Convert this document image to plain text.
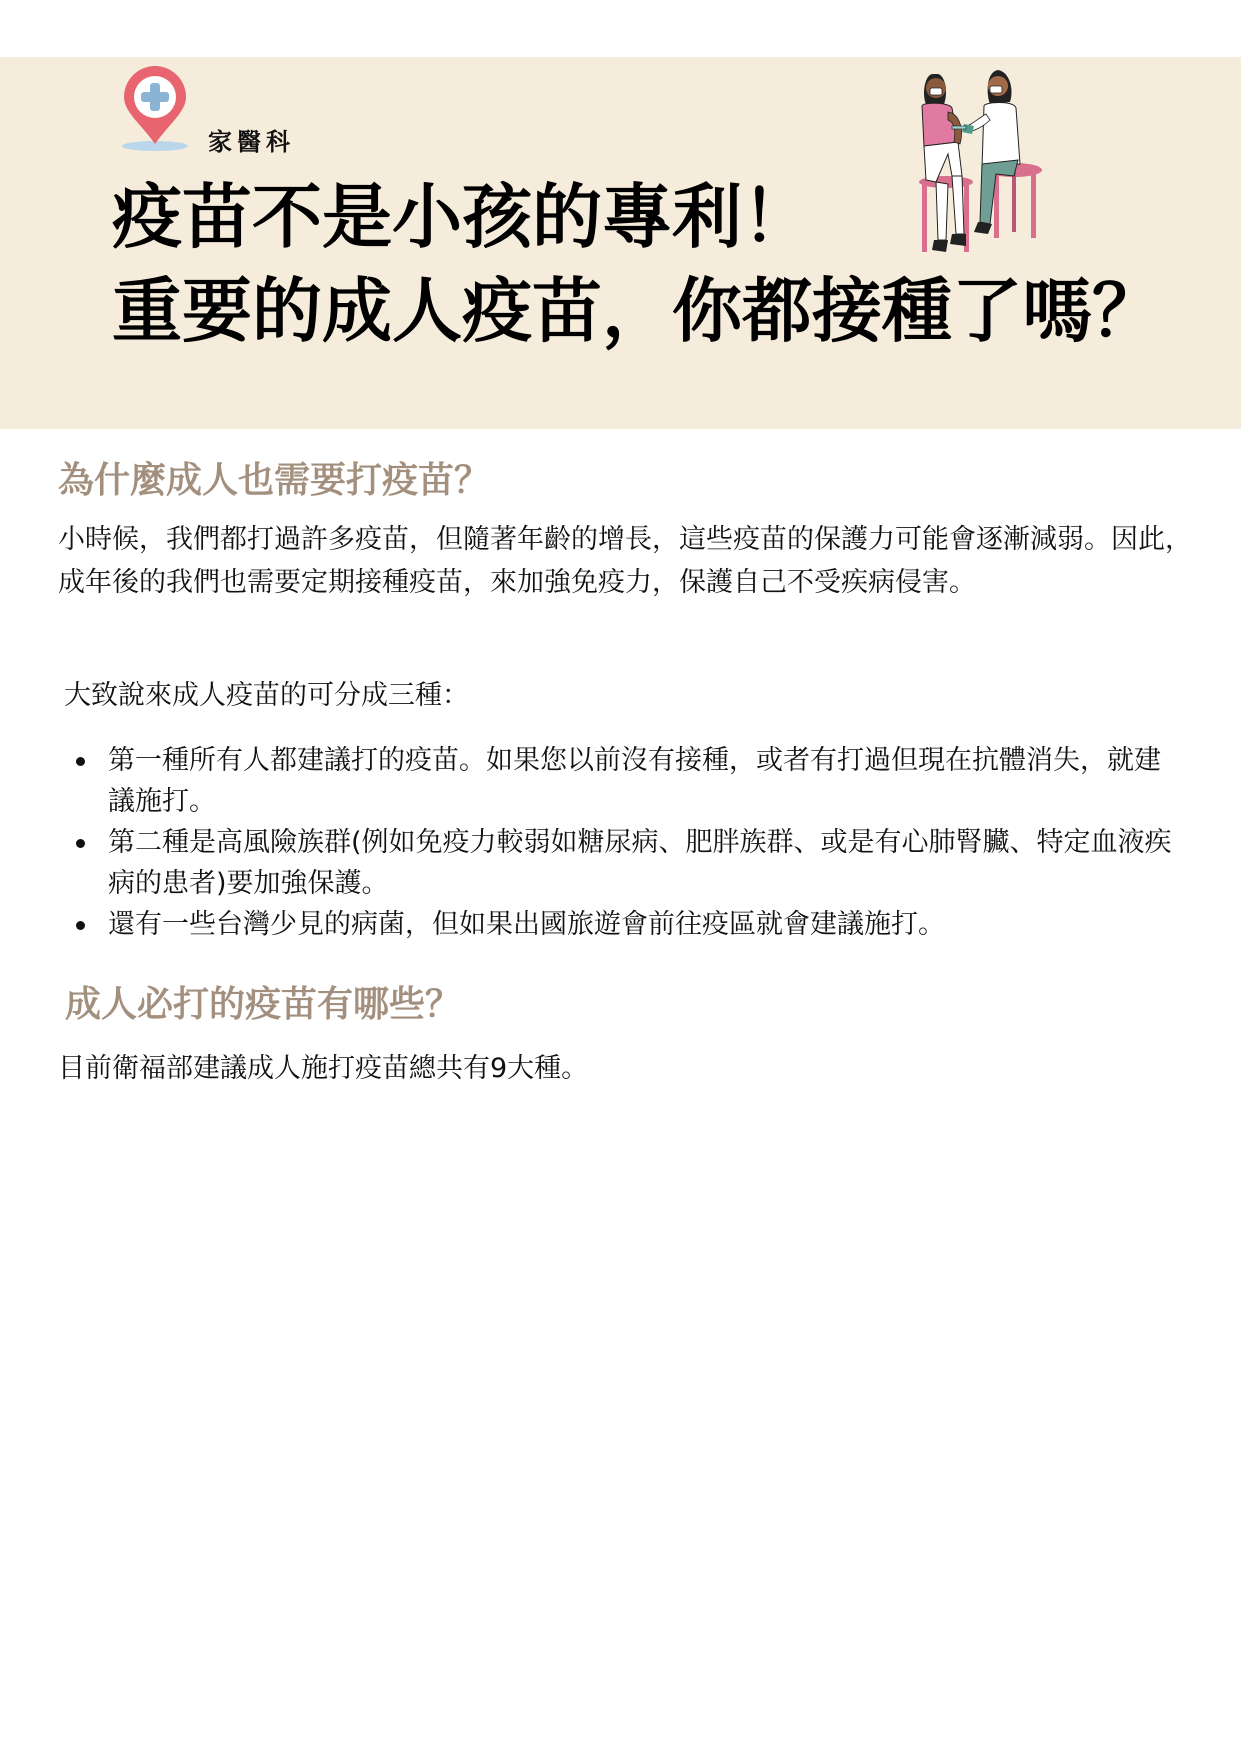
家醫科
疫苗不是小孩的專利！
重要的成人疫苗，你都接種了嗎？
為什麼成人也需要打疫苗？

小時候，我們都打過許多疫苗，但隨著年齡的增長，這些疫苗的保護力可能會逐漸減弱。因此，成年後的我們也需要定期接種疫苗，來加強免疫力，保護自己不受疾病侵害。

大致說來成人疫苗的可分成三種：

第一種所有人都建議打的疫苗。如果您以前沒有接種，或者有打過但現在抗體消失，就建議施打。
第二種是高風險族群(例如免疫力較弱如糖尿病、肥胖族群、或是有心肺腎臟、特定血液疾病的患者)要加強保護。
還有一些台灣少見的病菌，但如果出國旅遊會前往疫區就會建議施打。
成人必打的疫苗有哪些？

目前衛福部建議成人施打疫苗總共有9大種。
